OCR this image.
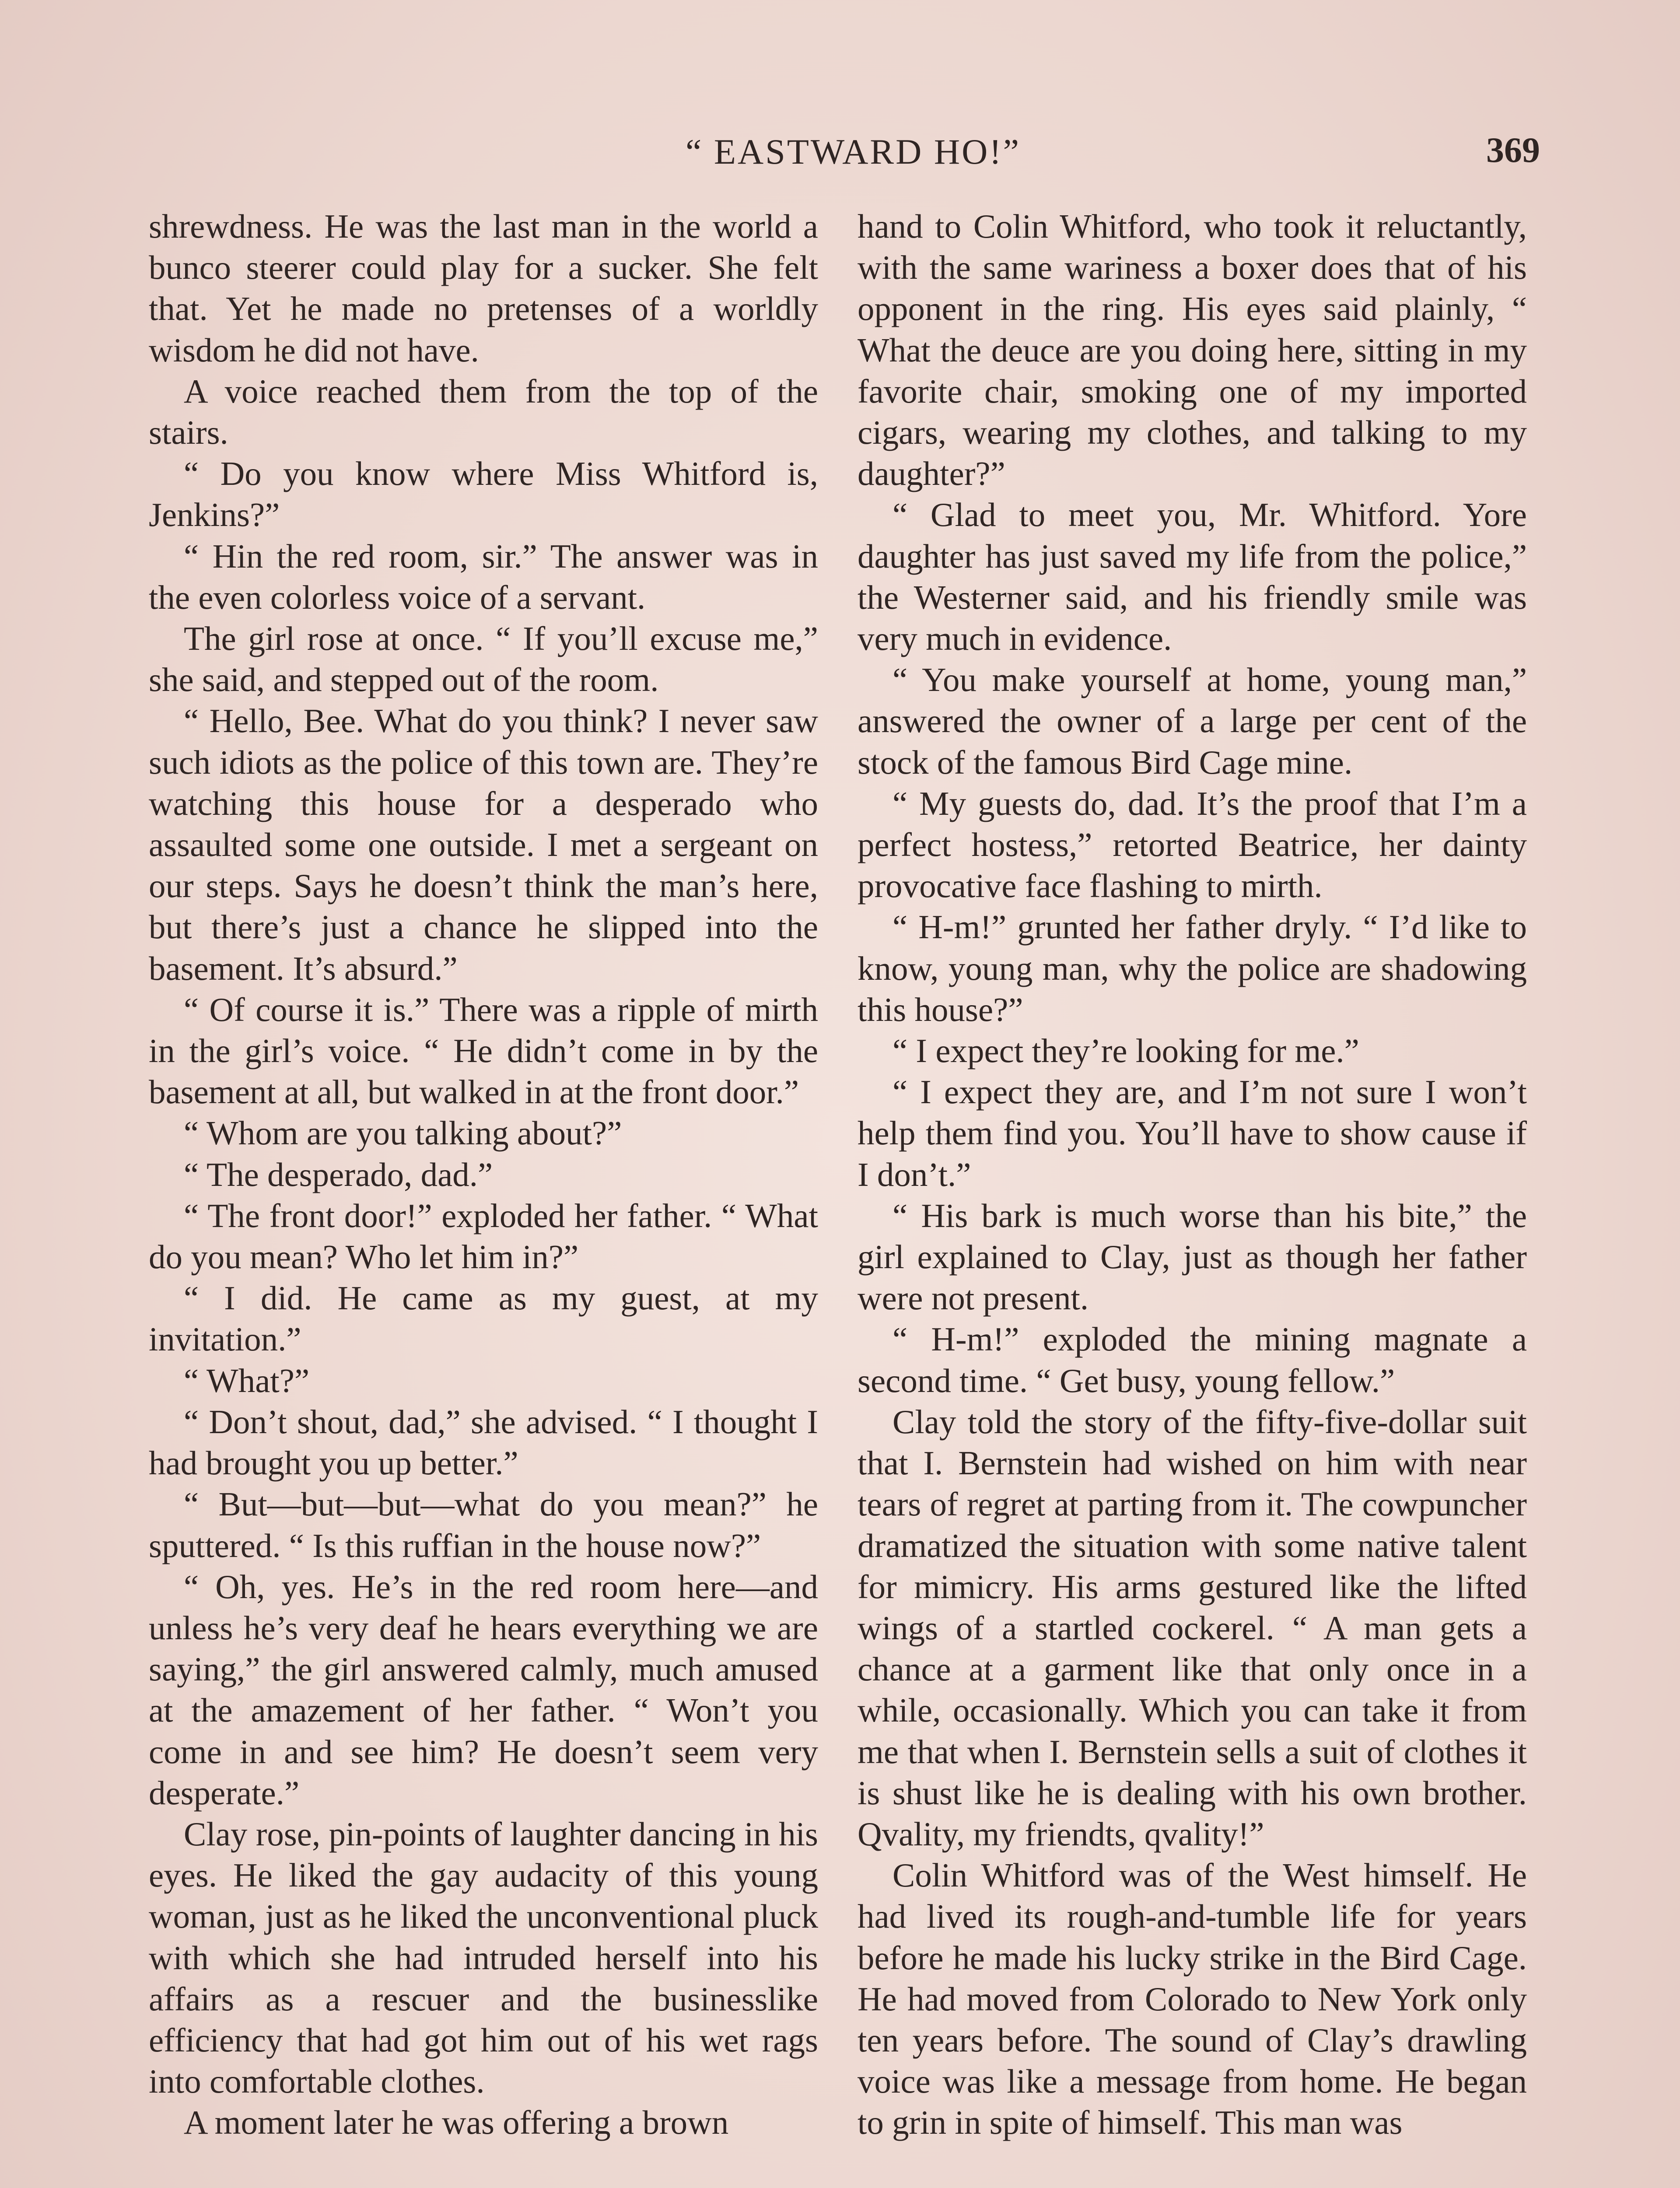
“ EASTWARD HO!”	369

shrewdness. He was the last man in the world a bunco steerer could play for a sucker. She felt that. Yet he made no pretenses of a worldly wisdom he did not have.

A voice reached them from the top of the stairs.

“ Do you know where Miss Whitford is, Jenkins?”

“ Hin the red room, sir.” The answer was in the even colorless voice of a servant.

The girl rose at once. “ If you’ll excuse me,” she said, and stepped out of the room.

“ Hello, Bee. What do you think? I never saw such idiots as the police of this town are. They’re watching this house for a desperado who assaulted some one outside. I met a sergeant on our steps. Says he doesn’t think the man’s here, but there’s just a chance he slipped into the basement. It’s absurd.”

“ Of course it is.” There was a ripple of mirth in the girl’s voice. “ He didn’t come in by the basement at all, but walked in at the front door.”

“ Whom are you talking about?”

“ The desperado, dad.”

“ The front door!” exploded her father. “ What do you mean? Who let him in?”

“ I did. He came as my guest, at my invitation.”

“ What?”

“ Don’t shout, dad,” she advised. “ I thought I had brought you up better.”

“ But—but—but—what do you mean?” he sputtered. “ Is this ruffian in the house now?”

“ Oh, yes. He’s in the red room here—and unless he’s very deaf he hears everything we are saying,” the girl answered calmly, much amused at the amazement of her father. “ Won’t you come in and see him? He doesn’t seem very desperate.”

Clay rose, pin-points of laughter dancing in his eyes. He liked the gay audacity of this young woman, just as he liked the unconventional pluck with which she had intruded herself into his affairs as a rescuer and the businesslike efficiency that had got him out of his wet rags into comfortable clothes.

A moment later he was offering a brown

hand to Colin Whitford, who took it reluctantly, with the same wariness a boxer does that of his opponent in the ring. His eyes said plainly, “ What the deuce are you doing here, sitting in my favorite chair, smoking one of my imported cigars, wearing my clothes, and talking to my daughter?”

“ Glad to meet you, Mr. Whitford. Yore daughter has just saved my life from the police,” the Westerner said, and his friendly smile was very much in evidence.

“ You make yourself at home, young man,” answered the owner of a large per cent of the stock of the famous Bird Cage mine.

“ My guests do, dad. It’s the proof that I’m a perfect hostess,” retorted Beatrice, her dainty provocative face flashing to mirth.

“ H-m!” grunted her father dryly. “ I’d like to know, young man, why the police are shadowing this house?”

“ I expect they’re looking for me.”

“ I expect they are, and I’m not sure I won’t help them find you. You’ll have to show cause if I don’t.”

“ His bark is much worse than his bite,” the girl explained to Clay, just as though her father were not present.

“ H-m!” exploded the mining magnate a second time. “ Get busy, young fellow.”

Clay told the story of the fifty-five-dollar suit that I. Bernstein had wished on him with near tears of regret at parting from it. The cowpuncher dramatized the situation with some native talent for mimicry. His arms gestured like the lifted wings of a startled cockerel. “ A man gets a chance at a garment like that only once in a while, occasionally. Which you can take it from me that when I. Bernstein sells a suit of clothes it is shust like he is dealing with his own brother. Qvality, my friendts, qvality!”

Colin Whitford was of the West himself. He had lived its rough-and-tumble life for years before he made his lucky strike in the Bird Cage. He had moved from Colorado to New York only ten years before. The sound of Clay’s drawling voice was like a message from home. He began to grin in spite of himself. This man was
